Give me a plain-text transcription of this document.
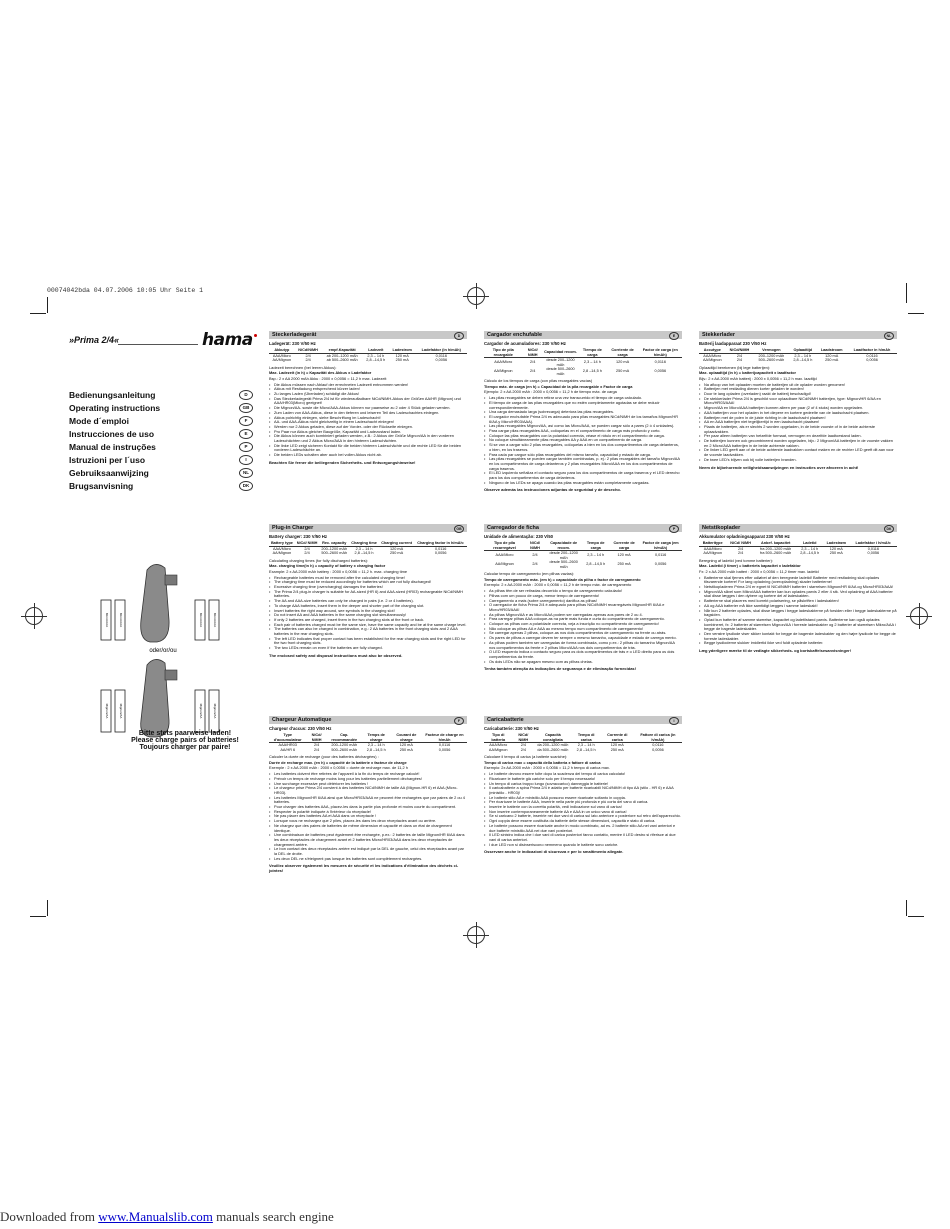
00074042bda 04.07.2006 10:05 Uhr Seite 1
»Prima 2/4«	hama
Bedienungsanleitung	D
Operating instructions	GB
Mode d´emploi	F
Instrucciones de uso	E
Manual de instruções	P
Istruzioni per l´uso	I
Gebruiksaanwijzing	NL
Brugsanvisning	DK
oder/or/ou
Micro/AAA	Micro/AAA	Micro/AAA	Micro/AAA
Mignon/AA	Mignon/AA	Mignon/AA	Mignon/AA
Bitte stets paarweise laden!
Please charge pairs of batteries!
Toujours charger par paire!
Steckerladegerät	D
Ladegerät: 230 V/50 Hz
Akkutyp	NiCd/NiMH	empf.Kapazität	Ladezeit	Ladestrom	Ladefaktor (in h/mAh)
AAA/Micro	2/4	ab 200–1200 mAh	2,3 – 14 h	120 mA	0,0116
AA/Mignon	2/4	ab 500–2600 mAh	2,8 –14,5 h	250 mA	0,0056
Ladezeit berechnen (bei leeren Akkus):
Max. Ladezeit (in h) = Kapazität des Akkus x Ladefaktor
Bsp.: 2 x AA 2000 mAh Akku : 2000 x 0,0056 = 11,2 h max. Ladezeit
• Die Akkus müssen nach Ablauf der errechneten Ladezeit entnommen werden!
• Akkus mit Restladung entsprechend kürzer laden!
• Zu langes Laden (Überladen) schädigt die Akkus!
• Das Steckerladegerät Prima 2/4 ist für wiederaufladbare NiCd/NiMH-Akkus der Größen AA/HR (Mignon) und AAA/HR03(Micro) geeignet!
• Die Mignon/AA- sowie die Micro/AAA-Akkus können nur paarweise zu 2 oder 4 Stück geladen werden.
• Zum Laden von AAA-Akkus, diese in den tieferen und leiseren Teil des Ladeschachtes einlegen.
• Akkus polrichtig einlegen, siehe Beschriftung im Ladeschacht!
• AA- und AAA-Akkus nicht gleichzeitig in einem Ladeschacht einlegen!
• Werden nur 2 Akkus geladen, diese auf der Vorder- oder der Rückseite einlegen.
• Pro Paar nur Akkus gleicher Baugröße, Kapazität und Ladezustand laden.
• Die Akkus können auch kombiniert geladen werden, z.B.: 2 Akkus der Größe Mignon/AA in den vorderen Ladeschächten und 2 Akkus Micro/AAA in den hinteren Ladeschächten.
• Die linke LED zeigt sicheren Kontakt für die beiden hinteren Ladeschächte und die rechte LED für die beiden vorderen Ladeschächte an.
• Die beiden LEDs schalten aber auch bei vollen Akkus nicht ab.
Beachten Sie ferner die beiliegenden Sicherheits- und Entsorgungshinweise!
Cargador enchufable	E
Cargador de acumuladores: 230 V/50 Hz
Tipo de pila recargable	NiCd/ NiMH	Capacidad recom.	Tiempo de carga	Corriente de carga	Factor de carga (en h/mAh)
AAA/Micro	2/4	desde 200–1200 mAh	2,3 – 14 h	120 mA	0,0116
AA/Mignon	2/4	desde 500–2600 mAh	2,8 –14,5 h	250 mA	0,0056
Cálculo de los tiempos de carga (con pilas recargables vacías)
Tiempo máx. de carga (en h) = Capacidad de la pila recargable x Factor de carga
Ejemplo: 2 x AA 2000 mAh : 2000 x 0,0056 = 11,2 h de tiempo máx. de carga
• Las pilas recargables se deben retirar una vez transcurrido el tiempo de carga calculado.
• El tiempo de carga de las pilas recargables que no estén completamente agotadas se debe reducir correspondientemente.
• Una carga demasiado larga (sobrecarga) deteriora las pilas recargables.
• El cargador enchufable Prima 2/4 es adecuado para pilas recargables NiCd/NiMH de los tamaños Mignon/HR 6/AA y Micro/HR03/AAA).
• Las pilas recargables Mignon/AA, así como las Micro/AAA, se pueden cargar sólo a pares (2 ó 4 unidades).
• Para cargar pilas recargables AAA, colóquelas en el compartimento de carga más profundo y corto.
• Coloque las pilas recargables con la polaridad correcta, véase el rótulo en el compartimento de carga.
• No coloque simultáneamente pilas recargables AA y AAA en un compartimento de carga.
• Si se van a cargar sólo 2 pilas recargables, colóquelas a bien en los dos compartimentos de carga delanteros, o bien, en los traseros.
• Para cada par cargue sólo pilas recargables del mismo tamaño, capacidad y estado de carga.
• Las pilas recargables se pueden cargar también combinadas, p. ej.: 2 pilas recargables del tamaño Mignon/AA en los compartimentos de carga delanteros y 2 pilas recargables Micro/AAA en los dos compartimentos de carga traseros.
• El LED izquierdo señaliza el contacto seguro para los dos compartimentos de carga traseros y el LED derecho para los dos compartimentos de carga delanteros.
• Ninguno de los LEDs se apaga cuando las pilas recargables están completamente cargadas.
Observe además las instrucciones adjuntas de seguridad y de desecho.
Stekkerlader	NL
Batterij laadapparaat 230 V/50 Hz
Accutype	NiCd/NiMH	Vermogen	Oplaadtijd	Laadstroom	Laadfactor in h/mAh
AAA/Micro	2/4	200–1200 mAh	2,3 – 14 h	120 mA	0,0116
AA/Mignon	2/4	500–2600 mAh	2,8 –14,5 h	250 mA	0,0056
Oplaadtijd berekenen (bij lege batterijen):
Max. oplaadtijd (in h) = batterijcapaciteit x laadfactor
Bijv.: 2 x AA 2000 mAh batterij : 2000 x 0,0056 = 11,2 h max. laadtijd
• Na afloop van het oplaaden moeten de batterijen uit de oplader worden genomen!
• Batterijen met restlading dienen korter geladen te worden!
• Door te lang opladen (overladen) raakt de batterij beschadigd!
• De stekkerlader Prima 2/4 is geschikt voor oplaadbare NiCd/NiMH batterijen, type: Mignon/HR 6/AA en Micro/HR03/AAA!
• Mignon/AA en Micro/AAA batterijen kunnen alleen per paar (2 of 4 stuks) worden opgeladen.
• AAA batterijen voor het opladen in het diepere en kortere gedeelte van de laadschacht plaatsen.
• Batterijen met de polen in de juiste richting in de laadschacht plaatsen!
• AA en AAA batterijen niet tegelijkertijd in een laadschacht plaatsen!
• Plaats de batterijen, als er slechts 2 worden opgeladen, in de beide voorste of in de beide achterste oplaadvakken.
• Per paar alleen batterijen van hetzelfde formaat, vermogen en dezelfde laadtoestand laden.
• De batterijen kunnen ook gecombineerd worden opgeladen, bijv.: 2 Mignon/AA batterijen in de voorste vakken en 2 Micro/AAA batterijen in de beide achterste vakken.
• De linker LED geeft aan of de beide achterste laadvakken contact maken en de rechter LED geeft dit aan voor de voorste laadvakken.
• De twee LED's blijven ook bij volle batterijen branden.
Neem de bijbehorende veiligheidsaanwijzingen en instructies over afvoeren in acht!
Plug-in Charger	GB
Battery charger: 230 V/50 Hz
Battery type	NiCd/ NiMH	Rec. capacity	Charging time	Charging current	Charging factor in h/mAh:
AAA/Micro	2/4	200–1200 mAh	2,3 – 14 h	120 mA	0,0116
AA/Mignon	2/4	500–2600 mAh	2,8 –14,5 h	250 mA	0,0056
Calculating charging times (for fully discharged batteries):
Max. charging time(in h) = capacity of battery x charging factor
Example: 2 x AA 2000 mAh battery : 2000 x 0,0056 = 11,2 h. max. charging time
• Rechargeable batteries must be removed after the calculated charging time!
• The charging time must be reduced accordingly for batteries which are not fully discharged!
• Excessive charging time (overcharging) damages the batteries!
• The Prima 2/4 plug-in charger is suitable for AA-sized (HR 6) and AAA-sized (HR03) rechargeable NiCd/NiMH batteries.
• The AA and AAA-size batteries can only be charged in pairs (i.e. 2 or 4 batteries).
• To charge AAA batteries, insert them in the deeper and shorter part of the charging slot.
• Insert batteries the right way around, see symbols in the charging slot!
• Do not insert AA and AAA batteries in the same charging slot simultaneously!
• If only 2 batteries are charged, insert them in the two charging slots at the front or back.
• Each pair of batteries charged must be the same size, have the same capacity and be at the same charge level.
• The batteries can also be charged in combination, e.g.: 2 AA batteries in the front charging slots and 2 AAA batteries in the rear charging slots.
• The left LED indicates that proper contact has been established for the rear charging slots and the right LED for the two front charging slots.
• The two LEDs remain on even if the batteries are fully charged.
The enclosed safety and disposal instructions must also be observed.
Carregador de ficha	P
Unidade de alimentação: 230 V/50
Tipo de pila recarregável	NiCd/ NiMH	Capacidade de recom.	Tempo de carga	Corrente de carga	Factor de carga (em h/mAh)
AAA/Micro	2/4	desde 200–1200 mAh	2,3 – 14 h	120 mA	0,0116
AA/Mignon	2/4	desde 500–2600 mAh	2,8 –14,5 h	250 mA	0,0056
Calcular tempo de carregamento (em pilhas vazias):
Tempo de carregamento máx. (em h) = capacidade da pilha x factor de carregamento
Exemplo: 2 x AA 2000 mAh : 2000 x 0,0056 = 11,2 h de tempo máx. de carregamento
• As pilhas têm de ser retiradas decorrido o tempo de carregamento calculado!
• Pilhas com um pouco de carga, menor tempo de carregamento!
• Carregamento a mais (sobre carregamento) danifica as pilhas!
• O carregador de ficha Prima 2/4 é adequado para pilhas NiCd/NiMH recarregáveis Mignon/HR 6/AA e Micro/HR03/AAA!
• As pilhas Mignon/AA e as Micro/AAA podem ser carregadas apenas aos pares de 2 ou 4.
• Para carregar pilhas AAA coloque-as na parte mais funda e curta do compartimento de carregamento.
• Coloque as pilhas com a polaridade correcta, veja a inscrição no compartimento de carregamento!
• Não coloque as pilhas AA e AAA ao mesmo tempo num compartimento de carregamento!
• Se carregar apenas 2 pilhas, coloque-as nos dois compartimentos de carregamento na frente ou atrás.
• Os pares de pilhas a carregar devem ter sempre o mesmo tamanho, capacidade e estado de carrega mento.
• As pilhas podem também ser carregadas de forma combinada, como p.ex.: 2 pilhas do tamanho Mignon/AA nos compartimentos da frente e 2 pilhas Micro/AAA nos dois compartimentos de trás.
• O LED esquerdo indica o contacto seguro para os dois compartimentos de trás e o LED direito para os dois compartimentos da frente.
• Os dois LEDs não se apagam mesmo com as pilhas cheias.
Tenha também atenção às indicações de segurança e de eliminação fornecidas!
Netstikoplader	DK
Akkumulator opladningsapparat 230 V/50 Hz
Batteritype	NiCd/ NiMH	Anbef. kapacitet	Ladetid	Ladestrøm	Ladefaktor i h/mAh:
AAA/Micro	2/4	fra 200–1200 mAh	2,3 – 14 h	120 mA	0,0116
AA/Mignon	2/4	fra 500–2600 mAh	2,8 –14,5 h	250 mA	0,0056
Beregning af ladetid (ved tomme batterier):
Max. Ladetid (i timer) = batteriets kapacitet x ladefaktor
Fx: 2 x AA 2000 mAh batteri : 2000 x 0,0056 = 11,2 timer max. ladetid
• Batterierne skal fjernes efter udløbet af den beregnede ladetid! Batterier med restladning skal oplades tilsvarende kortere! For lang opladning (overopladning) skader batterierne!
• Netstikopladeren Prima 2/4 er egnet til NiCd/NiMH batterier i størrelsen Mignon/HR 6/AA og Micro/HR03/AAA!
• Mignon/AA såvel som Mikro/AAA batterier kan kun oplades parvis 2 eller 4 stk. Ved opladning af AAA batterier skal disse lægges i den dybere og kortere del af ladeskakten.
• Batterierne skal placeres med korrekt polarisering, se påskriften i ladeskakten!
• AA og AAA batterier må ikke samtidigt lægges i samme ladeskakt!
• Når kun 2 batterier oplades, skal disse lægges i begge ladeskakterne på forsiden eller i begge ladeskakterne på bagsiden.
• Oplad kun batterier af samme størrelse, kapacitet og ladetilstand parvis. Batterierne kan også oplades kombineret, fx: 2 batterier af størrelsen Mignon/AA i forreste ladeskakter og 2 batterier af størrelsen Mikro/AAA i begge de bageste ladeskakter.
• Den venstre lysdiode viser sikker kontakt for begge de bagerste ladeskakter og den højre lysdiode for begge de forreste ladeskakter.
• Begge lysdioderne slukker imidlertid ikke ved fuldt opladede batterier.
Læg yderligere mærke til de vedlagte sikkerheds- og bortskaffelsesanvisninger!
Chargeur Automatique	F
Chargeur d'accus: 230 V/50 Hz
Type d'accumulateur	NiCd/ NiMH	Cap. recommandée	Temps de charge	Courant de charge	Facteur de charge en h/mAh
AAA/HR03	2/4	200–1200 mAh	2,3 – 14 h	120 mA	0,0116
AA/HR 6	2/4	500–2600 mAh	2,8 –14,5 h	250 mA	0,0056
Calculer la durée de recharge (pour des batteries déchargées) :
Durée de recharge max. (en h) = capacité de la batterie x facteur de charge
Exemple : 2 x AA 2000 mAh : 2000 x 0,0056 = durée de recharge max. de 11,2 h
• Les batteries doivent être retirées de l'appareil à la fin du temps de recharge calculé!
• Prévoir un temps de recharge moins long pour les batteries partiellement déchargées!
• Une surcharge excessive peut détériorer les batteries !
• Le chargeur prise Prima 2/4 convient à des batteries NiCd/NiMH de taille AA (Mignon-HR 6) et AAA (Micro- HR03).
• Les batteries Mignon/HR 6/AA ainsi que Micro/HR03/AAA ne peuvent être rechargées que par paires de 2 ou 4 batteries.
• Pour charger des batteries AAA, placez-les dans la partie plus profonde et moins courte du compartiment.
• Respecter la polarité indiquée à l'intérieur du réceptacle!
• Ne pas placer des batteries AA et AAA dans un réceptacle !
• Lorsque vous ne rechargez que 2 piles, placez-les dans les deux réceptacles avant ou arrière.
• Ne chargez que des paires de batteries de même dimension et capacité et dans un état de chargement identique.
• Une combinaison de batteries peut également être rechargée, p.ex.: 2 batteries de taille Mignon/HR 6/AA dans les deux réceptacles de chargement avant et 2 batteries Micro/HR03/AAA dans les deux réceptacles de chargement arrière.
• Le bon contact des deux réceptacles arrière est indiqué par la DEL de gauche, celui des réceptacles avant par la DEL de droite.
• Les deux DEL ne s'éteignent pas lorsque les batteries sont complètement rechargées.
Veuillez observer également les mesures de sécurité et les indications d'élimination des déchets ci-jointes!
Caricabatterie	I
Caricabatterie: 230 V/50 Hz
Tipo di batteria	NiCd/ NiMH	Capacità consigliata	Tempo di carica	Corrente di carica	Fattore di carica (in h/mAh)
AAA/Micro	2/4	da 200–1200 mAh	2,3 – 14 h	120 mA	0,0116
AA/Mignon	2/4	da 500–2600 mAh	2,8 –14,5 h	250 mA	0,0056
Calcolare il tempo di carica (a batterie scariche):
Tempo di carica max = capacità della batteria x fattore di carica
Esempio: 2x AA 2000 mAh : 2000 x 0,0056 = 11,2 h tempo di carica max.
• Le batterie devono essere tolte dopo la scadenza del tempo di carica calcolato!
• Ricaricare le batterie già cariche solo per il tempo necessario!
• Un tempo di carica troppo lungo (sovraccarico) danneggia le batterie!
• Il caricabatterie a spina Prima 2/4 è adatto per batterie ricaricabili NiCd/NiMH di tipo AA (stilo - HR 6) e AAA (ministilo - HR03)!
• Le batterie stilo AA e ministilo AAA possono essere ricaricate soltanto in coppia.
• Per ricaricare le batterie AAA, inserirle nella parte più profonda e più corta del vano di carica.
• Inserire le batterie con la corretta polarità, vedi indicazione sul vano di carica!
• Non inserire contemporaneamente batterie AA e AAA in un unico vano di carica!
• Se si caricano 2 batterie, inserirle nei due vani di carica sul lato anteriore o posteriore sul retro dell'apparecchio.
• Ogni coppia deve essere costituita da batterie delle stesse dimensioni, capacità e stato di carica.
• Le batterie possono essere ricaricate anche in modo combinato, ad es. 2 batterie stilo AA nei vani anteriori e due batterie ministilo AAA nei due vani posteriori.
• Il LED sinistro indica che i due vani di carica posteriori fanno contatto, mentre il LED destro si riferisce ai due vani di carica anteriori.
• I due LED non si disinseriscono nemmeno quando le batterie sono cariche.
Osservare anche le indicazioni di sicurezza e per lo smaltimento allegate.
Downloaded from www.Manualslib.com manuals search engine
